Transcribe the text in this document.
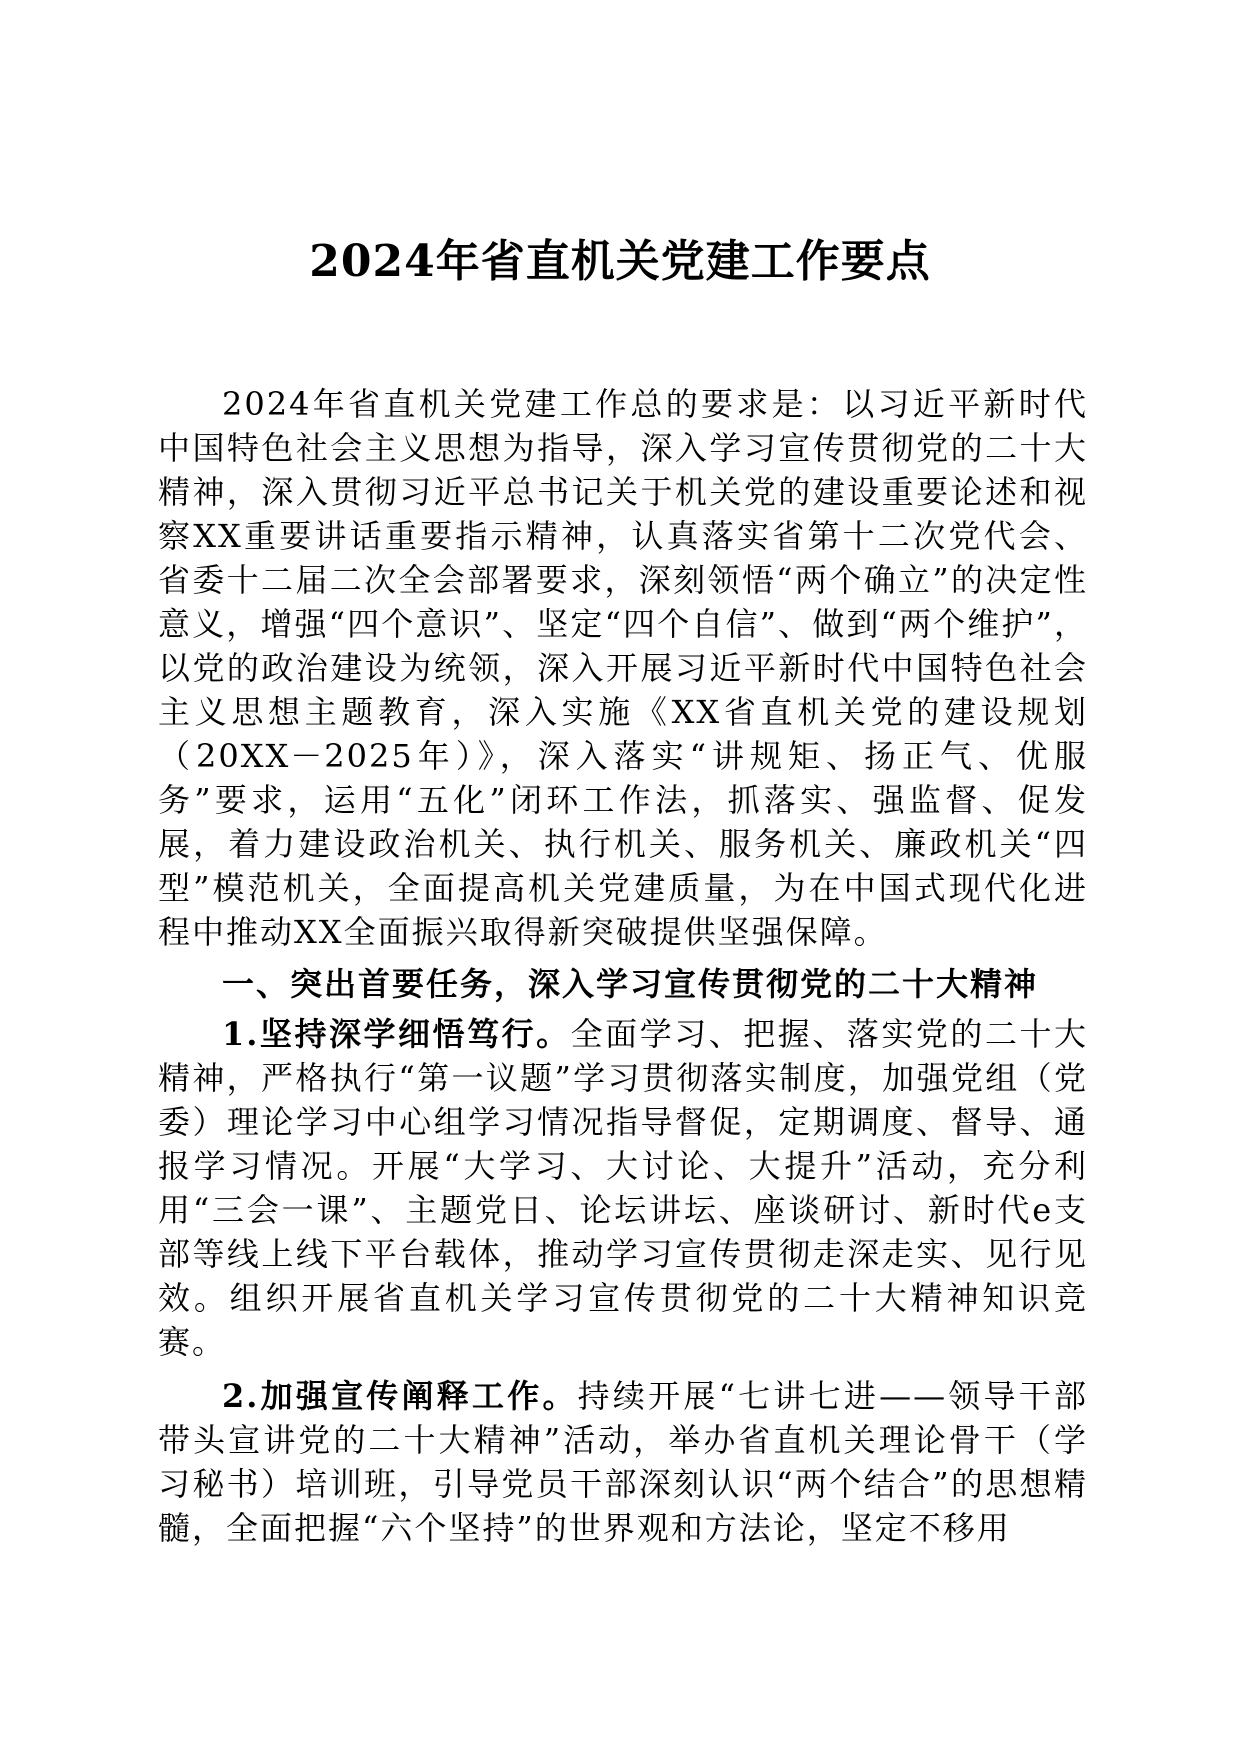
2024年省直机关党建工作要点

2024年省直机关党建工作总的要求是：以习近平新时代中国特色社会主义思想为指导，深入学习宣传贯彻党的二十大精神，深入贯彻习近平总书记关于机关党的建设重要论述和视察XX重要讲话重要指示精神，认真落实省第十二次党代会、省委十二届二次全会部署要求，深刻领悟“两个确立”的决定性意义，增强“四个意识”、坚定“四个自信”、做到“两个维护”，以党的政治建设为统领，深入开展习近平新时代中国特色社会主义思想主题教育，深入实施《XX省直机关党的建设规划（20XX－2025年）》，深入落实“讲规矩、扬正气、优服务”要求，运用“五化”闭环工作法，抓落实、强监督、促发展，着力建设政治机关、执行机关、服务机关、廉政机关“四型”模范机关，全面提高机关党建质量，为在中国式现代化进程中推动XX全面振兴取得新突破提供坚强保障。

一、突出首要任务，深入学习宣传贯彻党的二十大精神

1.坚持深学细悟笃行。全面学习、把握、落实党的二十大精神，严格执行“第一议题”学习贯彻落实制度，加强党组（党委）理论学习中心组学习情况指导督促，定期调度、督导、通报学习情况。开展“大学习、大讨论、大提升”活动，充分利用“三会一课”、主题党日、论坛讲坛、座谈研讨、新时代e支部等线上线下平台载体，推动学习宣传贯彻走深走实、见行见效。组织开展省直机关学习宣传贯彻党的二十大精神知识竞赛。

2.加强宣传阐释工作。持续开展“七讲七进——领导干部带头宣讲党的二十大精神”活动，举办省直机关理论骨干（学习秘书）培训班，引导党员干部深刻认识“两个结合”的思想精髓，全面把握“六个坚持”的世界观和方法论，坚定不移用
